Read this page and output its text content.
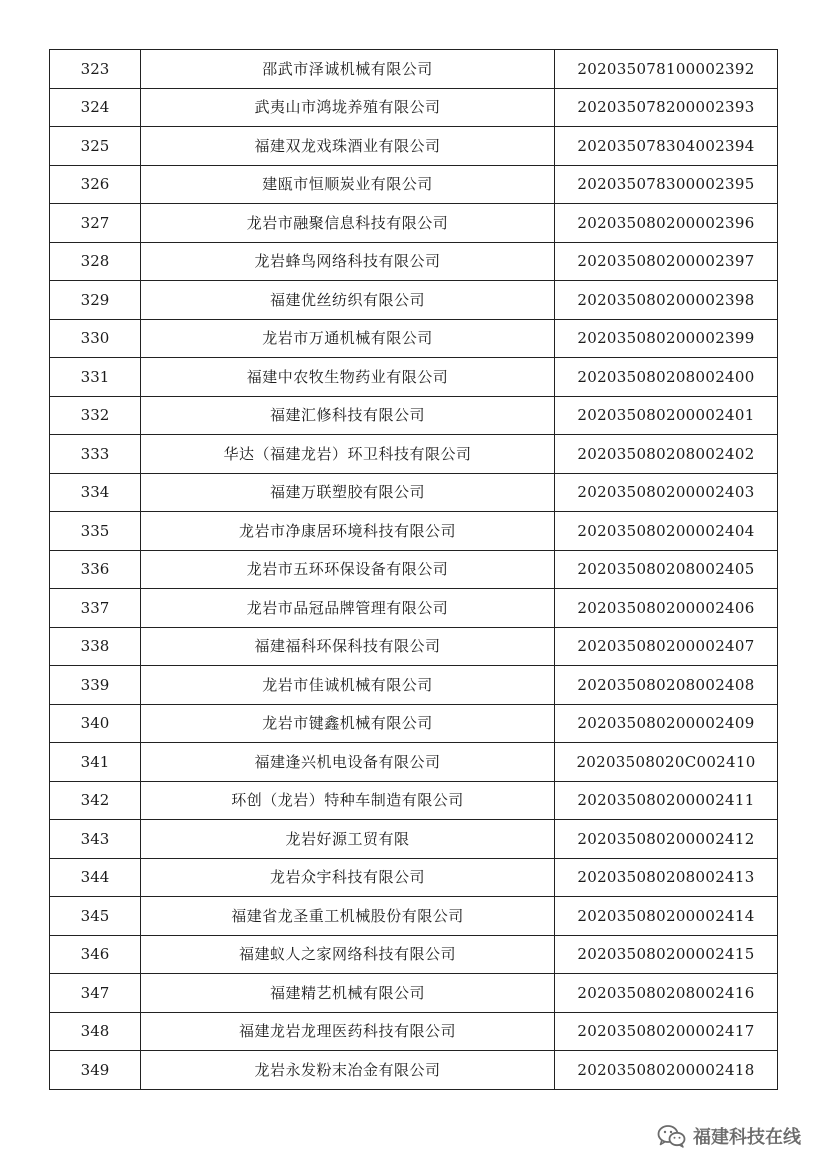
323	邵武市泽诚机械有限公司	202035078100002392
324	武夷山市鸿垅养殖有限公司	202035078200002393
325	福建双龙戏珠酒业有限公司	202035078304002394
326	建瓯市恒顺炭业有限公司	202035078300002395
327	龙岩市融聚信息科技有限公司	202035080200002396
328	龙岩蜂鸟网络科技有限公司	202035080200002397
329	福建优丝纺织有限公司	202035080200002398
330	龙岩市万通机械有限公司	202035080200002399
331	福建中农牧生物药业有限公司	202035080208002400
332	福建汇修科技有限公司	202035080200002401
333	华达（福建龙岩）环卫科技有限公司	202035080208002402
334	福建万联塑胶有限公司	202035080200002403
335	龙岩市净康居环境科技有限公司	202035080200002404
336	龙岩市五环环保设备有限公司	202035080208002405
337	龙岩市品冠品牌管理有限公司	202035080200002406
338	福建福科环保科技有限公司	202035080200002407
339	龙岩市佳诚机械有限公司	202035080208002408
340	龙岩市键鑫机械有限公司	202035080200002409
341	福建逢兴机电设备有限公司	20203508020C002410
342	环创（龙岩）特种车制造有限公司	202035080200002411
343	龙岩好源工贸有限	202035080200002412
344	龙岩众宇科技有限公司	202035080208002413
345	福建省龙圣重工机械股份有限公司	202035080200002414
346	福建蚁人之家网络科技有限公司	202035080200002415
347	福建精艺机械有限公司	202035080208002416
348	福建龙岩龙理医药科技有限公司	202035080200002417
349	龙岩永发粉末冶金有限公司	202035080200002418
福建科技在线
